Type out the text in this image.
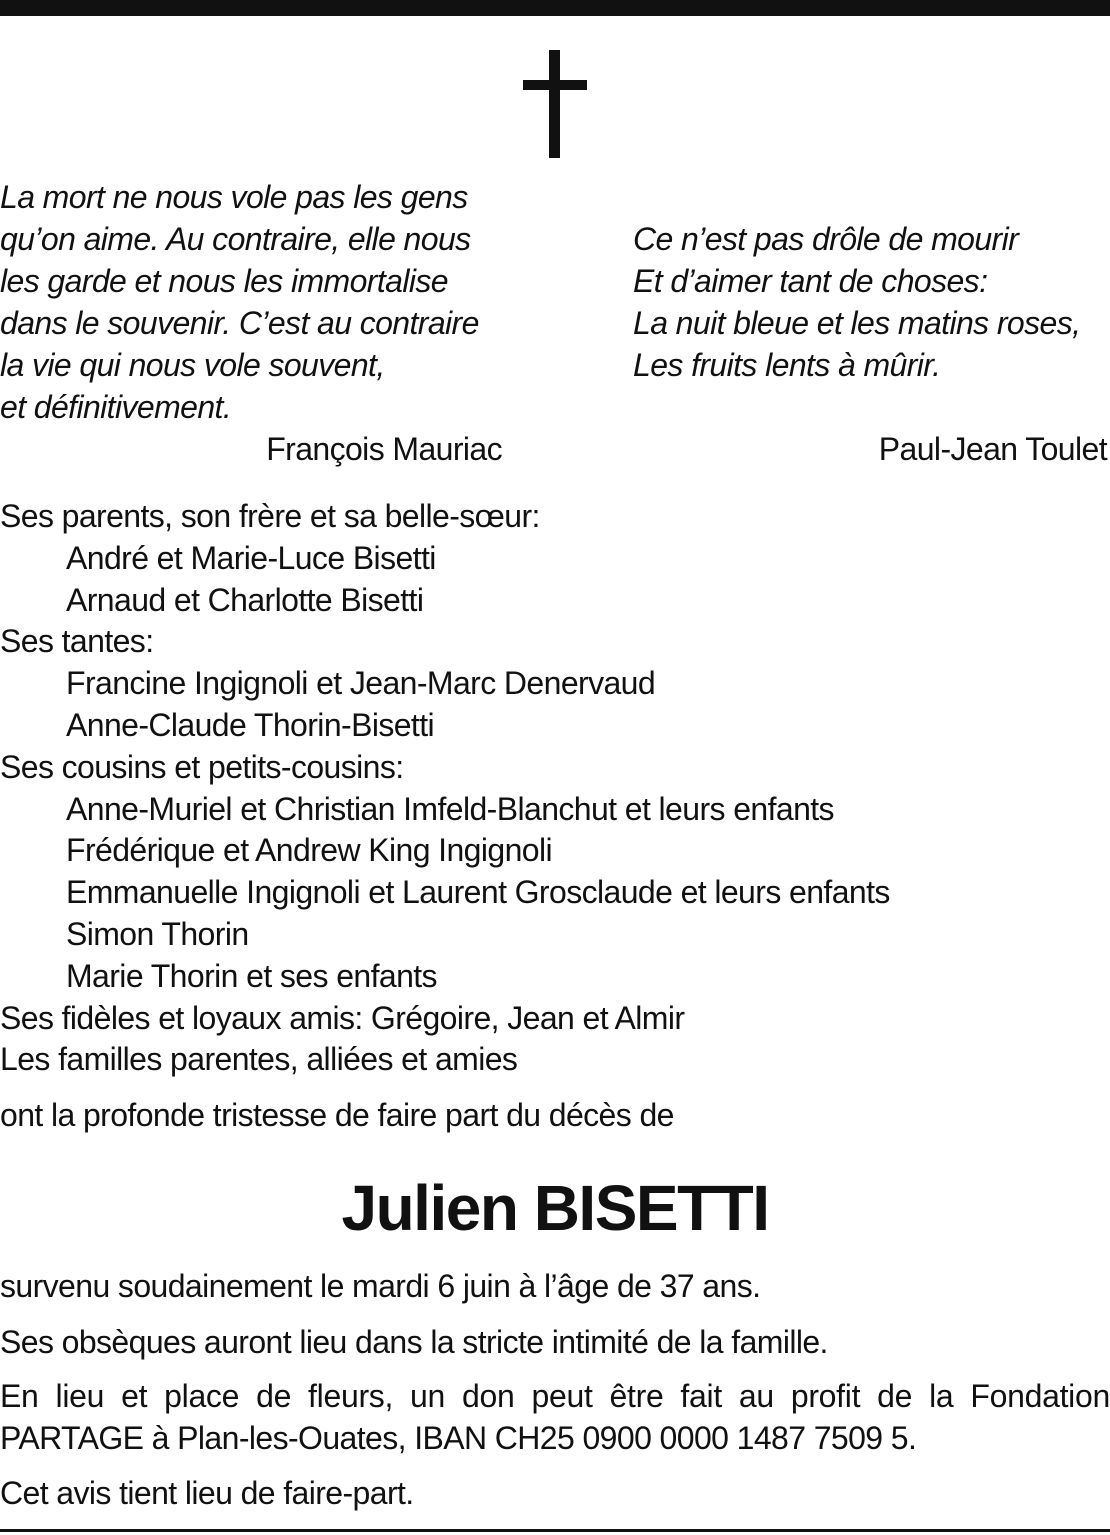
La mort ne nous vole pas les gens
qu’on aime. Au contraire, elle nous
les garde et nous les immortalise
dans le souvenir. C’est au contraire
la vie qui nous vole souvent,
et définitivement.
François Mauriac
Ce n’est pas drôle de mourir
Et d’aimer tant de choses:
La nuit bleue et les matins roses,
Les fruits lents à mûrir.
Paul-Jean Toulet
Ses parents, son frère et sa belle-sœur:
André et Marie-Luce Bisetti
Arnaud et Charlotte Bisetti
Ses tantes:
Francine Ingignoli et Jean-Marc Denervaud
Anne-Claude Thorin-Bisetti
Ses cousins et petits-cousins:
Anne-Muriel et Christian Imfeld-Blanchut et leurs enfants
Frédérique et Andrew King Ingignoli
Emmanuelle Ingignoli et Laurent Grosclaude et leurs enfants
Simon Thorin
Marie Thorin et ses enfants
Ses fidèles et loyaux amis: Grégoire, Jean et Almir
Les familles parentes, alliées et amies
ont la profonde tristesse de faire part du décès de
Julien BISETTI
survenu soudainement le mardi 6 juin à l’âge de 37 ans.
Ses obsèques auront lieu dans la stricte intimité de la famille.
En lieu et place de fleurs, un don peut être fait au profit de la Fondation
PARTAGE à Plan-les-Ouates, IBAN CH25 0900 0000 1487 7509 5.
Cet avis tient lieu de faire-part.
